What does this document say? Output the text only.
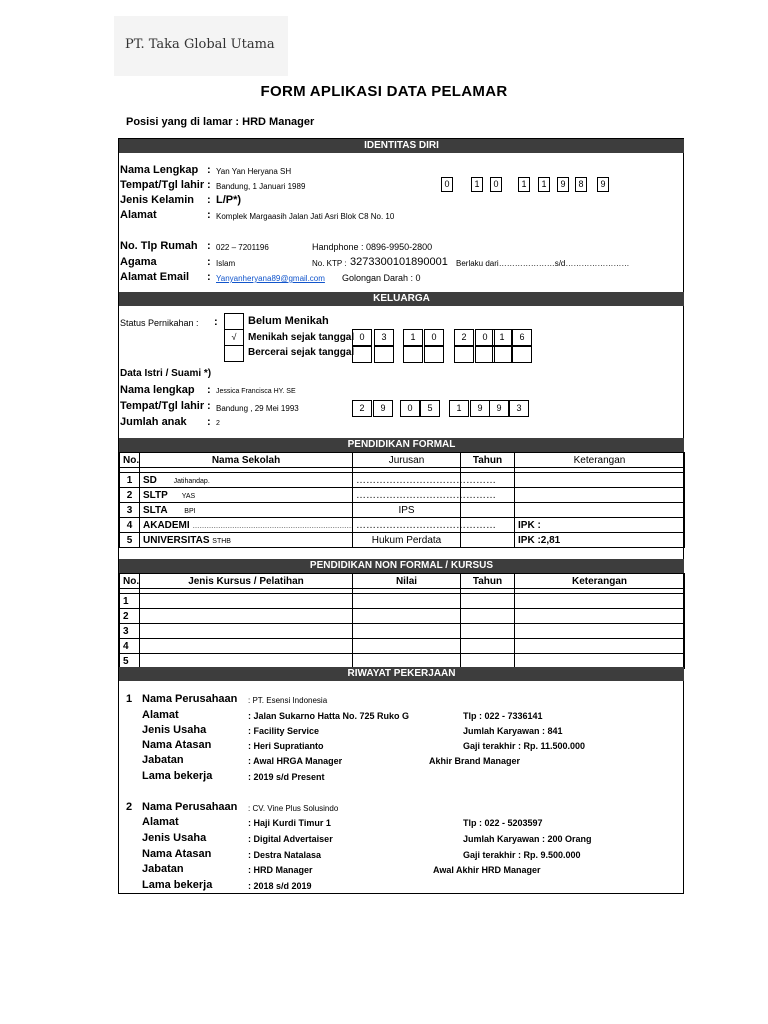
PT. Taka Global Utama
FORM APLIKASI DATA PELAMAR
Posisi yang di lamar : HRD Manager
IDENTITAS DIRI
Nama Lengkap : Yan Yan Heryana SH
Tempat/Tgl lahir : Bandung, 1 Januari 1989	0	1	0	1	1	9	8	9
Jenis Kelamin : L/P*)
Alamat	: Komplek Margaasih Jalan Jati Asri Blok C8 No. 10
No. Tlp Rumah : 022 – 7201196	Handphone : 0896-9950-2800
Agama	: Islam	No. KTP : 3273300101890001 Berlaku dari…………………s/d……………………
Alamat Email : Yanyanheryana89@gmail.com Golongan Darah : 0
KELUARGA
Status Pernikahan : :	Belum Menikah
√	Menikah sejak tanggal
Bercerai sejak tanggal
0	3	1	0	2	0	1	6
Data Istri / Suami *)
Nama lengkap : Jessica Francisca HY. SE
Tempat/Tgl lahir : Bandung , 29 Mei 1993	2	9	0	5	1	9	9	3
Jumlah anak : 2
PENDIDIKAN FORMAL
No.	Nama Sekolah	Jurusan	Tahun	Keterangan

1	SD Jatihandap.	……………………………………		
2	SLTP YAS	……………………………………		
3	SLTA BPI	IPS		
4	AKADEMI ……………………………………………………………	……………………………………		IPK :
5	UNIVERSITAS STHB	Hukum Perdata		IPK :2,81
PENDIDIKAN NON FORMAL / KURSUS
No.	Jenis Kursus / Pelatihan	Nilai	Tahun	Keterangan

1				
2				
3				
4				
5				
RIWAYAT PEKERJAAN
1 Nama Perusahaan : PT. Esensi Indonesia
Alamat	: Jalan Sukarno Hatta No. 725 Ruko G	Tlp : 022 - 7336141
Jenis Usaha	: Facility Service	Jumlah Karyawan : 841
Nama Atasan	: Heri Supratianto	Gaji terakhir : Rp. 11.500.000
Jabatan	: Awal HRGA Manager	Akhir Brand Manager
Lama bekerja	: 2019 s/d Present
2 Nama Perusahaan : CV. Vine Plus Solusindo
Alamat	: Haji Kurdi Timur 1	Tlp : 022 - 5203597
Jenis Usaha	: Digital Advertaiser	Jumlah Karyawan : 200 Orang
Nama Atasan	: Destra Natalasa	Gaji terakhir : Rp. 9.500.000
Jabatan	: HRD Manager	Awal Akhir HRD Manager
Lama bekerja	: 2018 s/d 2019
